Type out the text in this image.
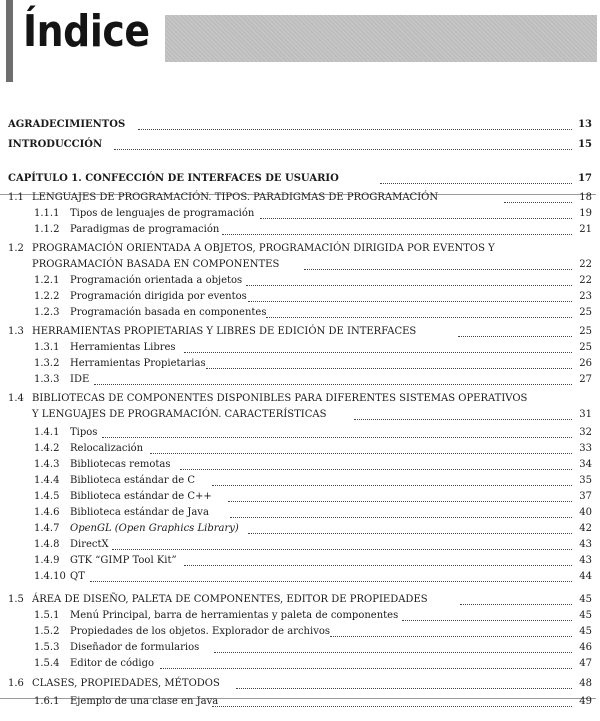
Índice
AGRADECIMIENTOS	13
INTRODUCCIÓN	15
CAPÍTULO 1. CONFECCIÓN DE INTERFACES DE USUARIO	17
1.1 LENGUAJES DE PROGRAMACIÓN. TIPOS. PARADIGMAS DE PROGRAMACIÓN	18
1.1.1 Tipos de lenguajes de programación	19
1.1.2 Paradigmas de programación	21
1.2 PROGRAMACIÓN ORIENTADA A OBJETOS, PROGRAMACIÓN DIRIGIDA POR EVENTOS Y
PROGRAMACIÓN BASADA EN COMPONENTES	22
1.2.1 Programación orientada a objetos	22
1.2.2 Programación dirigida por eventos	23
1.2.3 Programación basada en componentes	25
1.3 HERRAMIENTAS PROPIETARIAS Y LIBRES DE EDICIÓN DE INTERFACES	25
1.3.1 Herramientas Libres	25
1.3.2 Herramientas Propietarias	26
1.3.3 IDE	27
1.4 BIBLIOTECAS DE COMPONENTES DISPONIBLES PARA DIFERENTES SISTEMAS OPERATIVOS
Y LENGUAJES DE PROGRAMACIÓN. CARACTERÍSTICAS	31
1.4.1 Tipos	32
1.4.2 Relocalización	33
1.4.3 Bibliotecas remotas	34
1.4.4 Biblioteca estándar de C	35
1.4.5 Biblioteca estándar de C++	37
1.4.6 Biblioteca estándar de Java	40
1.4.7 OpenGL (Open Graphics Library)	42
1.4.8 DirectX	43
1.4.9 GTK “GIMP Tool Kit”	43
1.4.10 QT	44
1.5 ÁREA DE DISEÑO, PALETA DE COMPONENTES, EDITOR DE PROPIEDADES	45
1.5.1 Menú Principal, barra de herramientas y paleta de componentes	45
1.5.2 Propiedades de los objetos. Explorador de archivos	45
1.5.3 Diseñador de formularios	46
1.5.4 Editor de código	47
1.6 CLASES, PROPIEDADES, MÉTODOS	48
1.6.1 Ejemplo de una clase en Java	49
